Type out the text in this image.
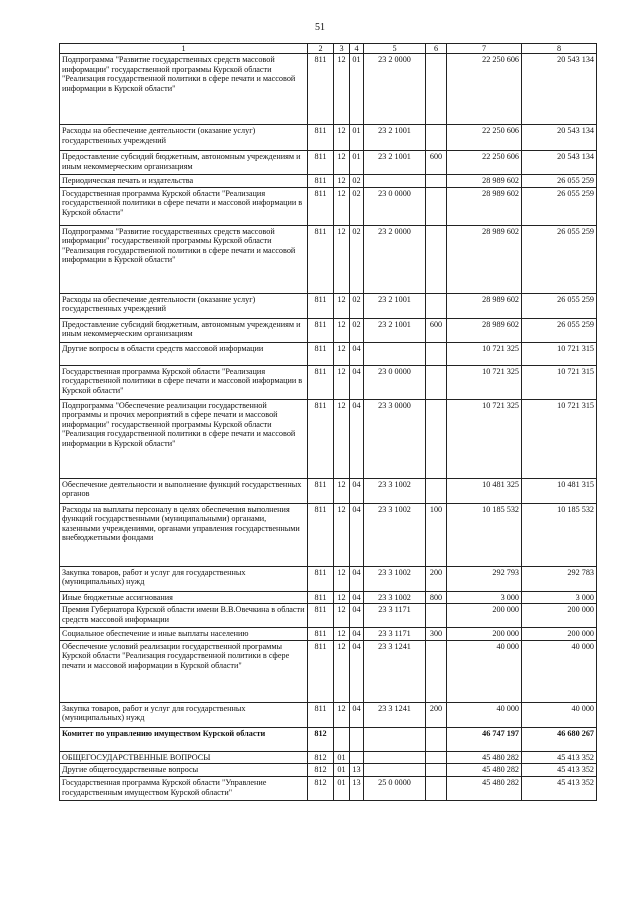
51
1	2	3	4	5	6	7	8
Подпрограмма "Развитие государственных средств массовой информации" государственной программы Курской области "Реализация государственной политики в сфере печати и массовой информации в Курской области"	811	12	01	23 2 0000		22 250 606	20 543 134
Расходы на обеспечение деятельности (оказание услуг) государственных учреждений	811	12	01	23 2 1001		22 250 606	20 543 134
Предоставление субсидий бюджетным, автономным учреждениям и иным некоммерческим организациям	811	12	01	23 2 1001	600	22 250 606	20 543 134
Периодическая печать и издательства	811	12	02			28 989 602	26 055 259
Государственная программа Курской области "Реализация государственной политики в сфере печати и массовой информации в Курской области"	811	12	02	23 0 0000		28 989 602	26 055 259
Подпрограмма "Развитие государственных средств массовой информации" государственной программы Курской области "Реализация государственной политики в сфере печати и массовой информации в Курской области"	811	12	02	23 2 0000		28 989 602	26 055 259
Расходы на обеспечение деятельности (оказание услуг) государственных учреждений	811	12	02	23 2 1001		28 989 602	26 055 259
Предоставление субсидий бюджетным, автономным учреждениям и иным некоммерческим организациям	811	12	02	23 2 1001	600	28 989 602	26 055 259
Другие вопросы в области средств массовой информации	811	12	04			10 721 325	10 721 315
Государственная программа Курской области "Реализация государственной политики в сфере печати и массовой информации в Курской области"	811	12	04	23 0 0000		10 721 325	10 721 315
Подпрограмма "Обеспечение реализации государственной программы и прочих мероприятий в сфере печати и массовой информации" государственной программы Курской области "Реализация государственной политики в сфере печати и массовой информации в Курской области"	811	12	04	23 3 0000		10 721 325	10 721 315
Обеспечение деятельности и выполнение функций государственных органов	811	12	04	23 3 1002		10 481 325	10 481 315
Расходы на выплаты персоналу в целях обеспечения выполнения функций государственными (муниципальными) органами, казенными учреждениями, органами управления государственными внебюджетными фондами	811	12	04	23 3 1002	100	10 185 532	10 185 532
Закупка товаров, работ и услуг для государственных (муниципальных) нужд	811	12	04	23 3 1002	200	292 793	292 783
Иные бюджетные ассигнования	811	12	04	23 3 1002	800	3 000	3 000
Премия Губернатора Курской области имени В.В.Овечкина в области средств массовой информации	811	12	04	23 3 1171		200 000	200 000
Социальное обеспечение и иные выплаты населению	811	12	04	23 3 1171	300	200 000	200 000
Обеспечение условий реализации государственной программы Курской области "Реализация государственной политики в сфере печати и массовой информации в Курской области"	811	12	04	23 3 1241		40 000	40 000
Закупка товаров, работ и услуг для государственных (муниципальных) нужд	811	12	04	23 3 1241	200	40 000	40 000
Комитет по управлению имуществом Курской области	812					46 747 197	46 680 267
ОБЩЕГОСУДАРСТВЕННЫЕ ВОПРОСЫ	812	01				45 480 282	45 413 352
Другие общегосударственные вопросы	812	01	13			45 480 282	45 413 352
Государственная программа Курской области "Управление государственным имуществом Курской области"	812	01	13	25 0 0000		45 480 282	45 413 352
